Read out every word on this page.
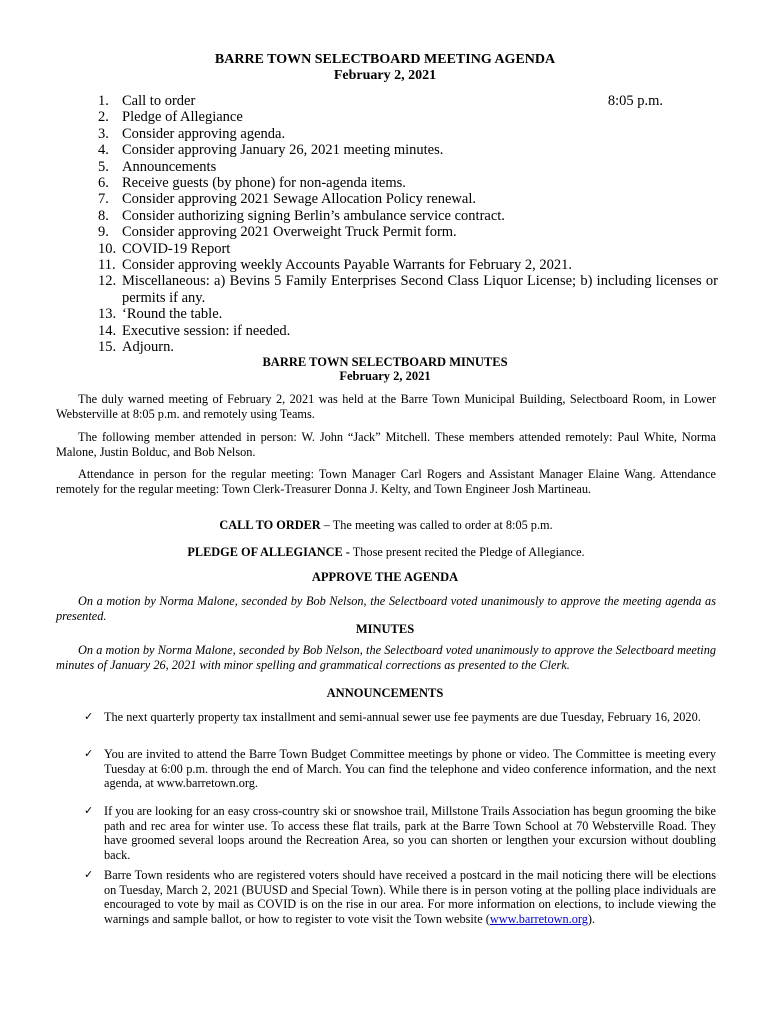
BARRE TOWN SELECTBOARD MEETING AGENDA
February 2, 2021
8:05 p.m.
1. Call to order
2. Pledge of Allegiance
3. Consider approving agenda.
4. Consider approving January 26, 2021 meeting minutes.
5. Announcements
6. Receive guests (by phone) for non-agenda items.
7. Consider approving 2021 Sewage Allocation Policy renewal.
8. Consider authorizing signing Berlin’s ambulance service contract.
9. Consider approving 2021 Overweight Truck Permit form.
10. COVID-19 Report
11. Consider approving weekly Accounts Payable Warrants for February 2, 2021.
12. Miscellaneous: a) Bevins 5 Family Enterprises Second Class Liquor License; b) including licenses or permits if any.
13. ‘Round the table.
14. Executive session: if needed.
15. Adjourn.
BARRE TOWN SELECTBOARD MINUTES
February 2, 2021
The duly warned meeting of February 2, 2021 was held at the Barre Town Municipal Building, Selectboard Room, in Lower Websterville at 8:05 p.m. and remotely using Teams.
The following member attended in person: W. John “Jack” Mitchell. These members attended remotely: Paul White, Norma Malone, Justin Bolduc, and Bob Nelson.
Attendance in person for the regular meeting: Town Manager Carl Rogers and Assistant Manager Elaine Wang. Attendance remotely for the regular meeting: Town Clerk-Treasurer Donna J. Kelty, and Town Engineer Josh Martineau.
CALL TO ORDER – The meeting was called to order at 8:05 p.m.
PLEDGE OF ALLEGIANCE - Those present recited the Pledge of Allegiance.
APPROVE THE AGENDA
On a motion by Norma Malone, seconded by Bob Nelson, the Selectboard voted unanimously to approve the meeting agenda as presented.
MINUTES
On a motion by Norma Malone, seconded by Bob Nelson, the Selectboard voted unanimously to approve the Selectboard meeting minutes of January 26, 2021 with minor spelling and grammatical corrections as presented to the Clerk.
ANNOUNCEMENTS
✓ The next quarterly property tax installment and semi-annual sewer use fee payments are due Tuesday, February 16, 2020.
✓ You are invited to attend the Barre Town Budget Committee meetings by phone or video. The Committee is meeting every Tuesday at 6:00 p.m. through the end of March. You can find the telephone and video conference information, and the next agenda, at www.barretown.org.
✓ If you are looking for an easy cross-country ski or snowshoe trail, Millstone Trails Association has begun grooming the bike path and rec area for winter use. To access these flat trails, park at the Barre Town School at 70 Websterville Road. They have groomed several loops around the Recreation Area, so you can shorten or lengthen your excursion without doubling back.
✓ Barre Town residents who are registered voters should have received a postcard in the mail noticing there will be elections on Tuesday, March 2, 2021 (BUUSD and Special Town). While there is in person voting at the polling place individuals are encouraged to vote by mail as COVID is on the rise in our area. For more information on elections, to include viewing the warnings and sample ballot, or how to register to vote visit the Town website (www.barretown.org).
